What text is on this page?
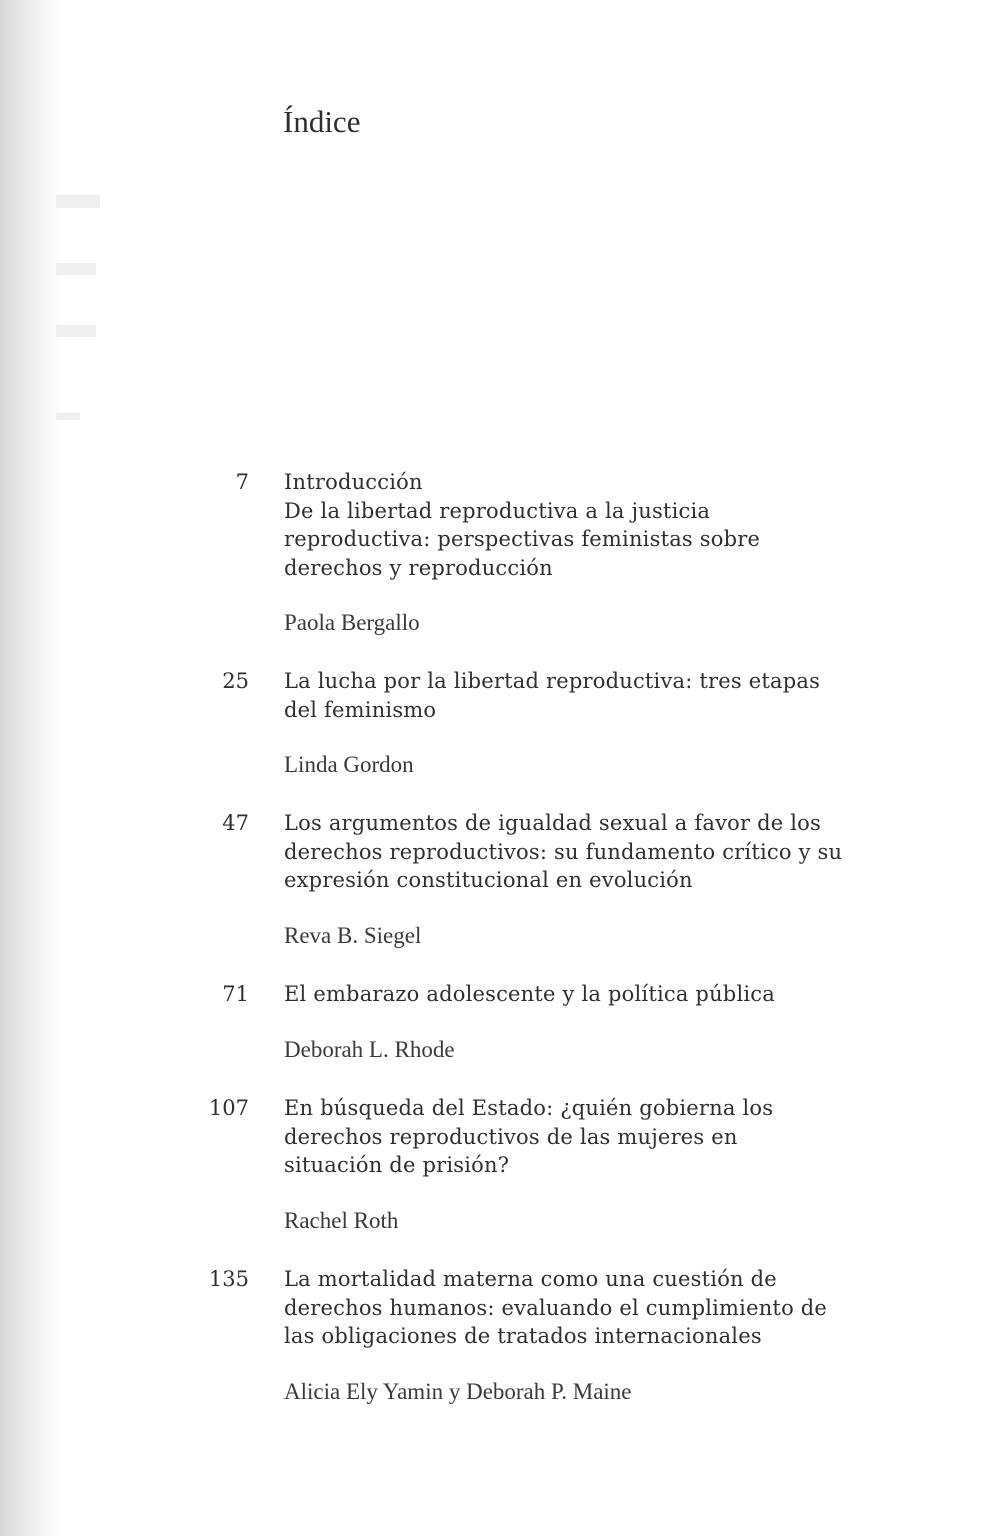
▬
▬
▬
▬
Índice
7 Introducción
De la libertad reproductiva a la justicia
reproductiva: perspectivas feministas sobre
derechos y reproducción
Paola Bergallo
25 La lucha por la libertad reproductiva: tres etapas
del feminismo
Linda Gordon
47 Los argumentos de igualdad sexual a favor de los
derechos reproductivos: su fundamento crítico y su
expresión constitucional en evolución
Reva B. Siegel
71 El embarazo adolescente y la política pública
Deborah L. Rhode
107 En búsqueda del Estado: ¿quién gobierna los
derechos reproductivos de las mujeres en
situación de prisión?
Rachel Roth
135 La mortalidad materna como una cuestión de
derechos humanos: evaluando el cumplimiento de
las obligaciones de tratados internacionales
Alicia Ely Yamin y Deborah P. Maine
